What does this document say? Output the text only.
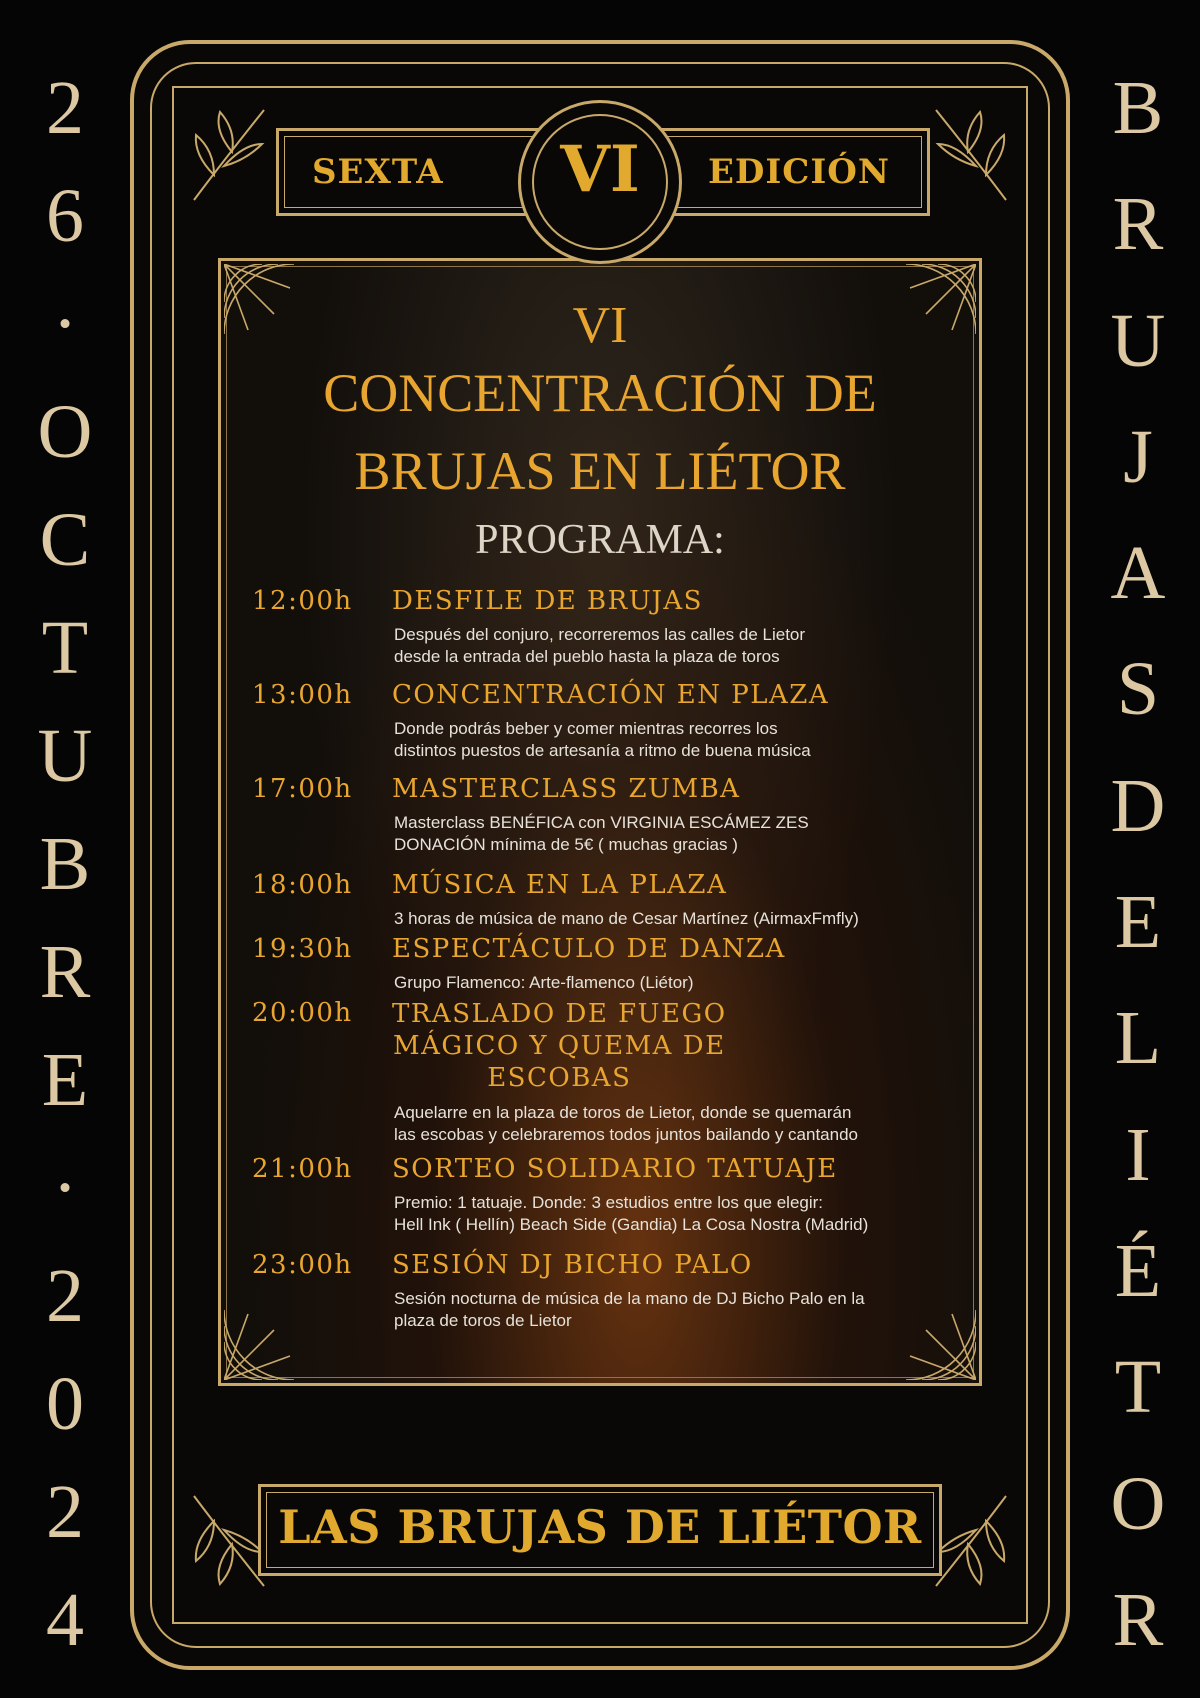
2
6
·
O
C
T
U
B
R
E
·
2
0
2
4
B
R
U
J
A
S
D
E
L
I
É
T
O
R
SEXTA	EDICIÓN
VI
VI
CONCENTRACIÓN DE
BRUJAS EN LIÉTOR
PROGRAMA:
12:00h	DESFILE DE BRUJAS
Después del conjuro, recorreremos las calles de Lietor
desde la entrada del pueblo hasta la plaza de toros
13:00h	CONCENTRACIÓN EN PLAZA
Donde podrás beber y comer mientras recorres los
distintos puestos de artesanía a ritmo de buena música
17:00h	MASTERCLASS ZUMBA
Masterclass BENÉFICA con VIRGINIA ESCÁMEZ ZES
DONACIÓN mínima de 5€ ( muchas gracias )
18:00h	MÚSICA EN LA PLAZA
3 horas de música de mano de Cesar Martínez (AirmaxFmfly)
19:30h	ESPECTÁCULO DE DANZA
Grupo Flamenco: Arte-flamenco (Liétor)
20:00h	TRASLADO DE FUEGO
MÁGICO Y QUEMA DE
ESCOBAS
Aquelarre en la plaza de toros de Lietor, donde se quemarán
las escobas y celebraremos todos juntos bailando y cantando
21:00h	SORTEO SOLIDARIO TATUAJE
Premio: 1 tatuaje. Donde: 3 estudios entre los que elegir:
Hell Ink ( Hellín) Beach Side (Gandia) La Cosa Nostra (Madrid)
23:00h	SESIÓN DJ BICHO PALO
Sesión nocturna de música de la mano de DJ Bicho Palo en la
plaza de toros de Lietor
LAS BRUJAS DE LIÉTOR
